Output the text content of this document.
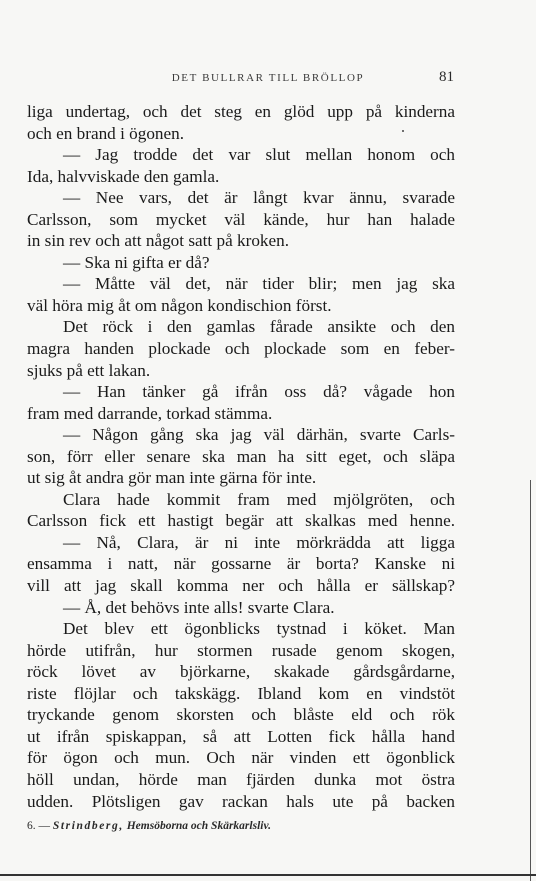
DET BULLRAR TILL BRÖLLOP	81
liga undertag, och det steg en glöd upp på kinderna
och en brand i ögonen.
— Jag trodde det var slut mellan honom och
Ida, halvviskade den gamla.
— Nee vars, det är långt kvar ännu, svarade
Carlsson, som mycket väl kände, hur han halade
in sin rev och att något satt på kroken.
— Ska ni gifta er då?
— Måtte väl det, när tider blir; men jag ska
väl höra mig åt om någon kondischion först.
Det röck i den gamlas fårade ansikte och den
magra handen plockade och plockade som en feber-
sjuks på ett lakan.
— Han tänker gå ifrån oss då? vågade hon
fram med darrande, torkad stämma.
— Någon gång ska jag väl därhän, svarte Carls-
son, förr eller senare ska man ha sitt eget, och släpa
ut sig åt andra gör man inte gärna för inte.
Clara hade kommit fram med mjölgröten, och
Carlsson fick ett hastigt begär att skalkas med henne.
— Nå, Clara, är ni inte mörkrädda att ligga
ensamma i natt, när gossarne är borta? Kanske ni
vill att jag skall komma ner och hålla er sällskap?
— Å, det behövs inte alls! svarte Clara.
Det blev ett ögonblicks tystnad i köket. Man
hörde utifrån, hur stormen rusade genom skogen,
röck lövet av björkarne, skakade gårdsgårdarne,
riste flöjlar och takskägg. Ibland kom en vindstöt
tryckande genom skorsten och blåste eld och rök
ut ifrån spiskappan, så att Lotten fick hålla hand
för ögon och mun. Och när vinden ett ögonblick
höll undan, hörde man fjärden dunka mot östra
udden. Plötsligen gav rackan hals ute på backen
6. — Strindberg, Hemsöborna och Skärkarlsliv.
